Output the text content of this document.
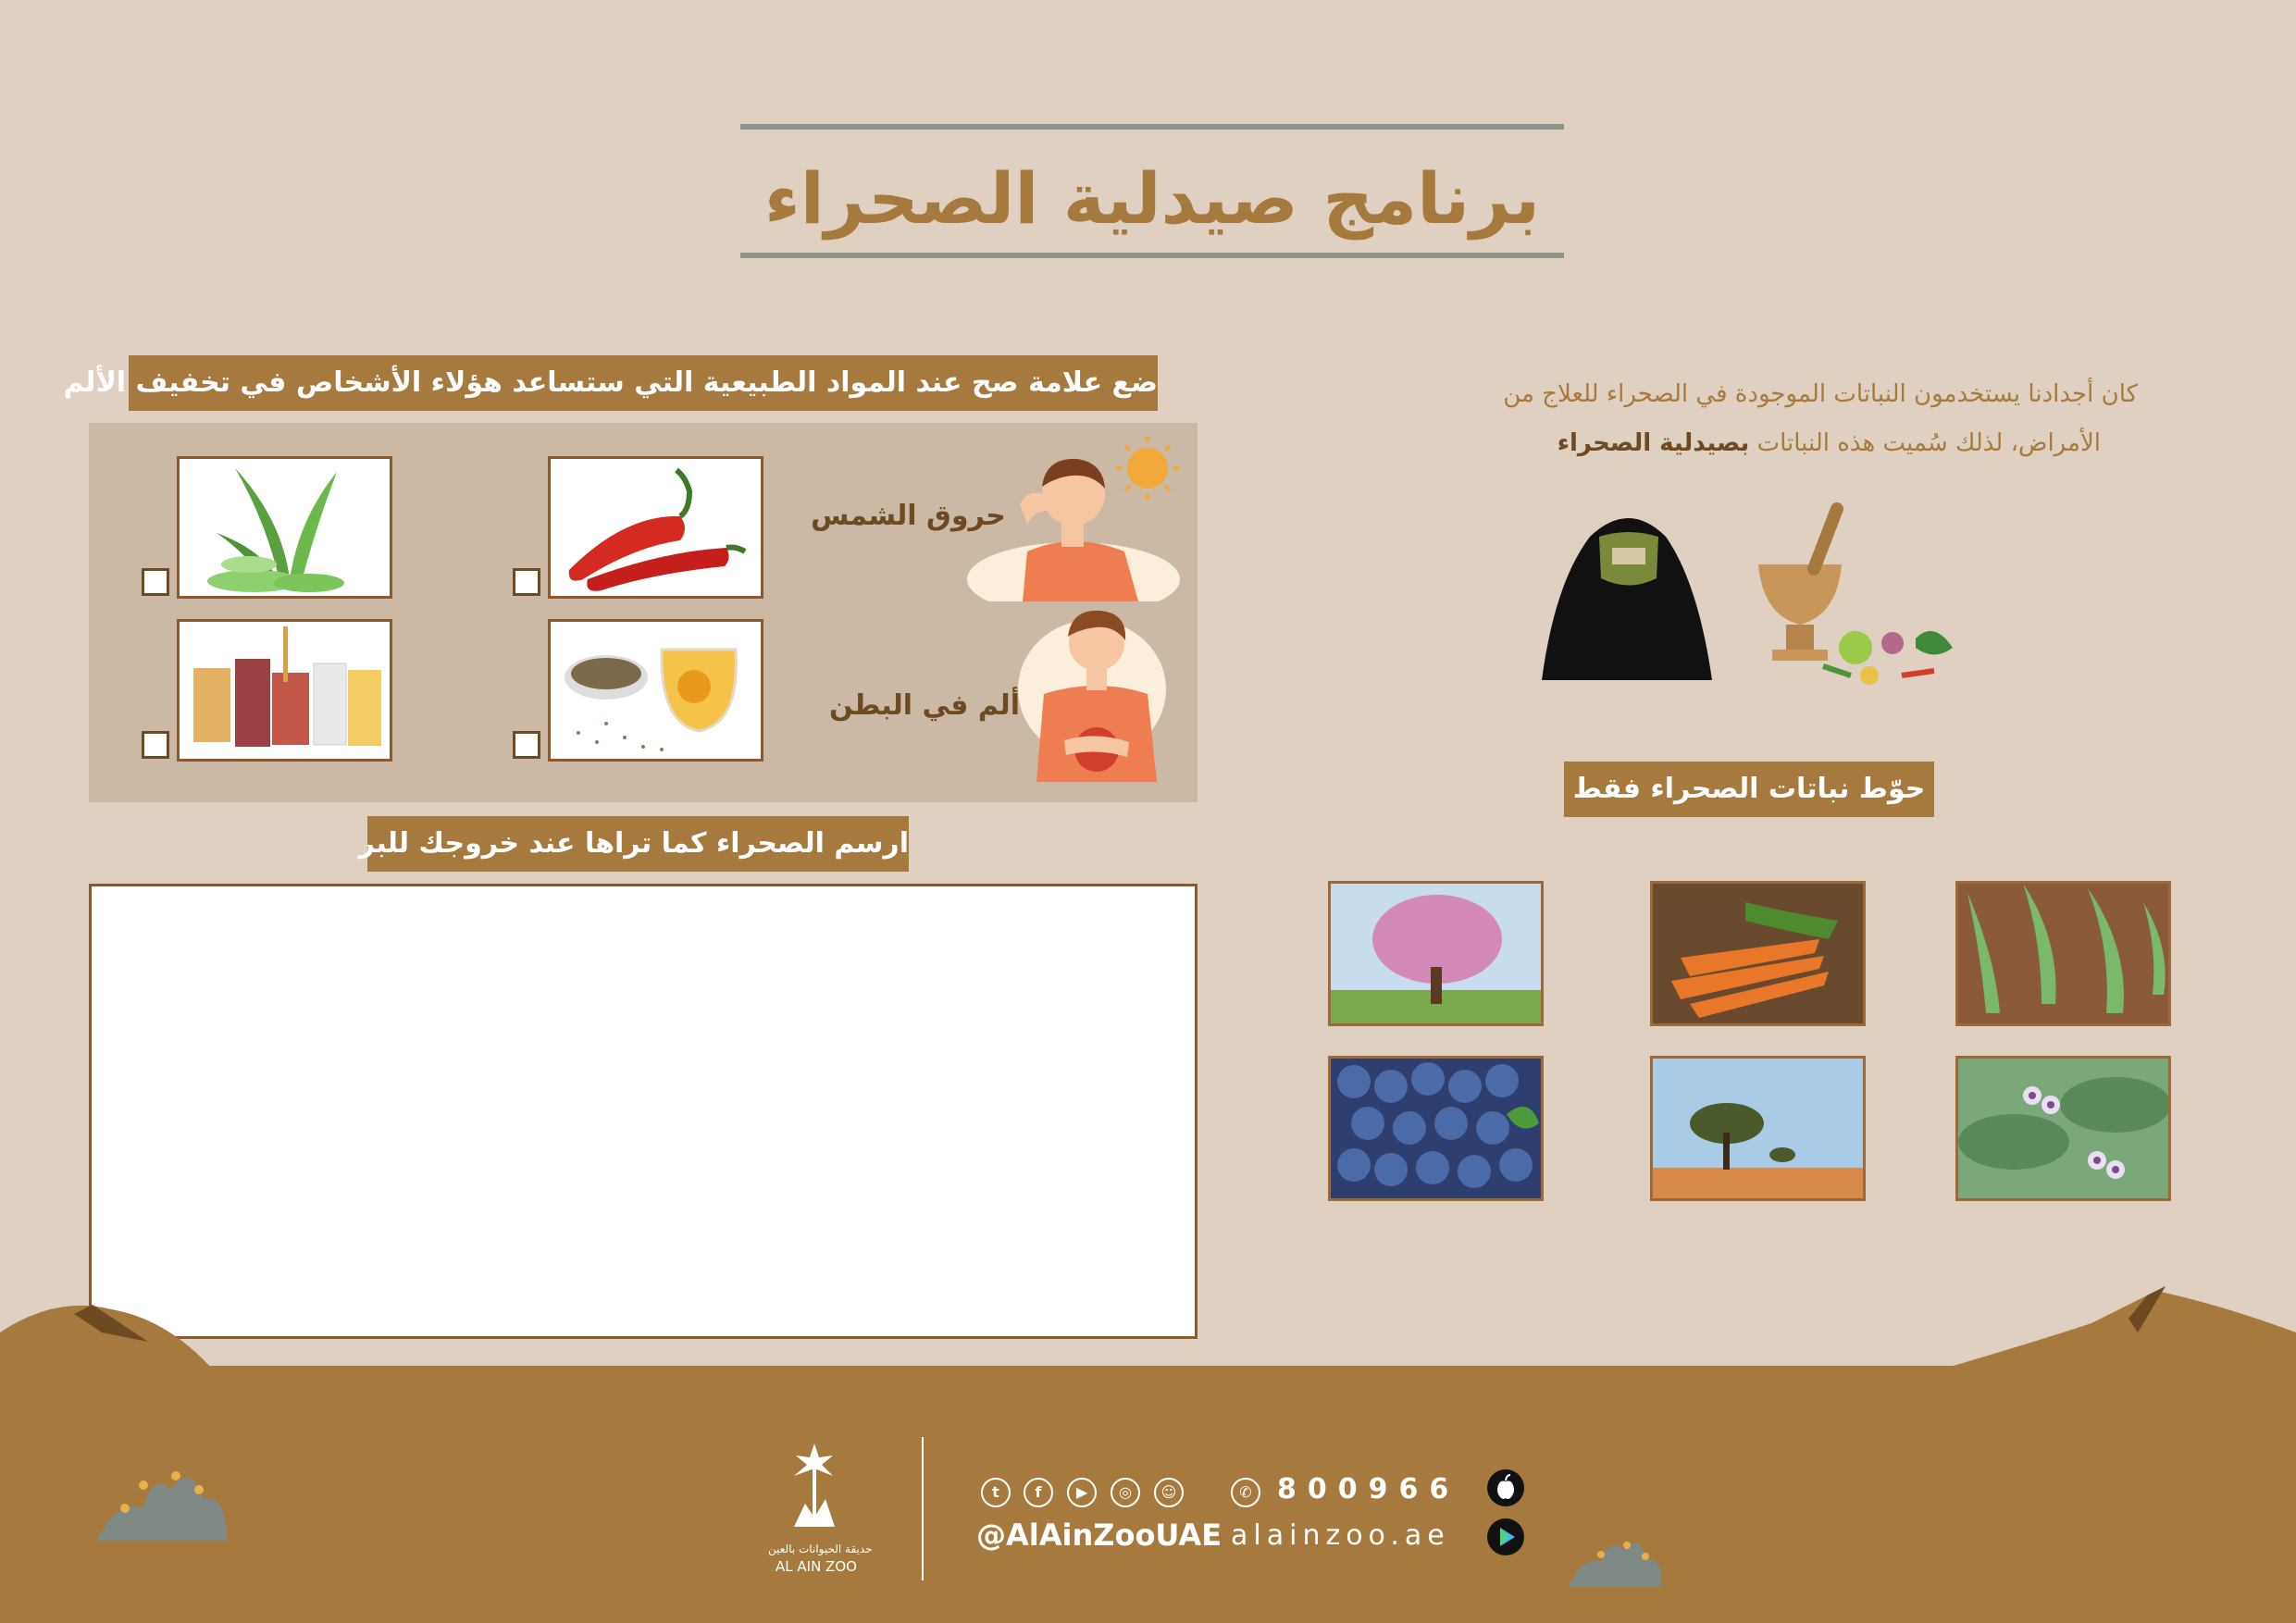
برنامج صيدلية الصحراء
ضع علامة صح عند المواد الطبيعية التي ستساعد هؤلاء الأشخاص في تخفيف الألم
حروق الشمس
ألم في البطن
ارسم الصحراء كما تراها عند خروجك للبر
كان أجدادنا يستخدمون النباتات الموجودة في الصحراء للعلاج من
الأمراض، لذلك سُميت هذه النباتات بصيدلية الصحراء
حوّط نباتات الصحراء فقط
حديقة الحيوانات بالعين
AL AIN ZOO
t	f	▶	◎	☺
@AlAinZooUAE
✆ 800966
alainzoo.ae
